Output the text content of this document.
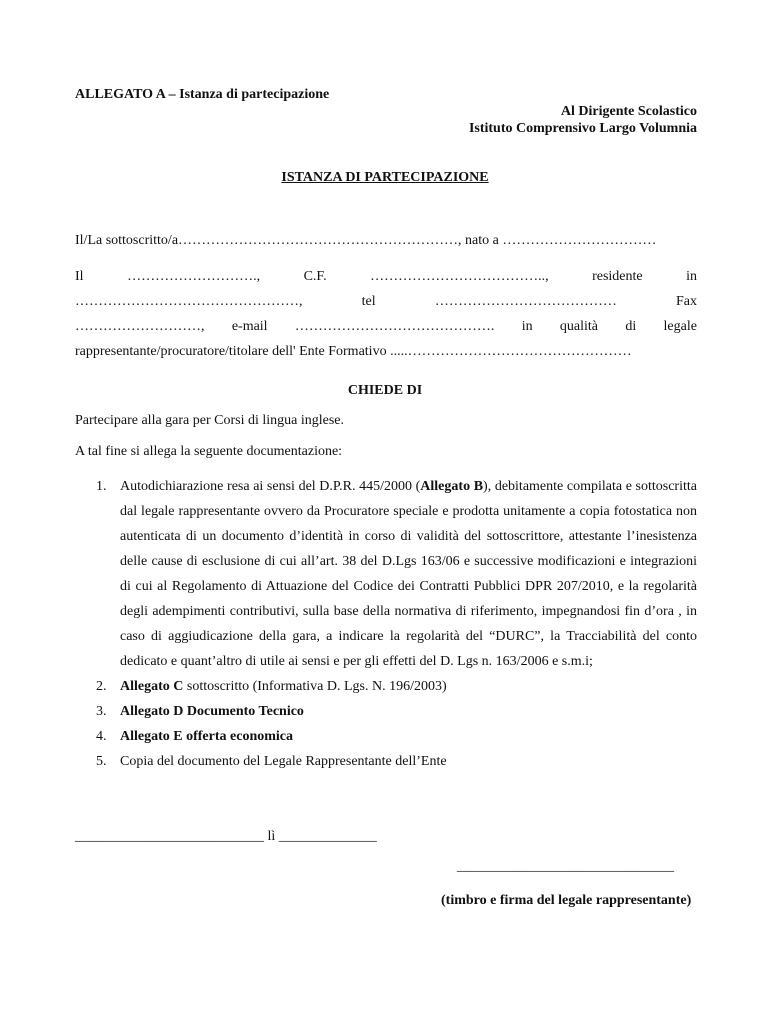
ALLEGATO A – Istanza di partecipazione
Al Dirigente Scolastico
Istituto Comprensivo Largo Volumnia
ISTANZA DI PARTECIPAZIONE
Il/La sottoscritto/a……………………………………………………, nato a ……………………………
Il	……………………….,	C.F.	………………………………..,	residente	in
…………………………………………,	tel	…………………………………	Fax
………………………, e-mail ……………………………………. in qualità di legale
rappresentante/procuratore/titolare dell' Ente Formativo .....…………………………………………
CHIEDE DI
Partecipare alla gara per Corsi di lingua inglese.
A tal fine si allega la seguente documentazione:
1. Autodichiarazione resa ai sensi del D.P.R. 445/2000 (Allegato B), debitamente compilata e sottoscritta dal legale rappresentante ovvero da Procuratore speciale e prodotta unitamente a copia fotostatica non autenticata di un documento d’identità in corso di validità del sottoscrittore, attestante l’inesistenza delle cause di esclusione di cui all’art. 38 del D.Lgs 163/06 e successive modificazioni e integrazioni di cui al Regolamento di Attuazione del Codice dei Contratti Pubblici DPR 207/2010, e la regolarità degli adempimenti contributivi, sulla base della normativa di riferimento, impegnandosi fin d’ora , in caso di aggiudicazione della gara, a indicare la regolarità del “DURC”, la Tracciabilità del conto dedicato e quant’altro di utile ai sensi e per gli effetti del D. Lgs n. 163/2006 e s.m.i;
2. Allegato C sottoscritto (Informativa D. Lgs. N. 196/2003)
3. Allegato D Documento Tecnico
4. Allegato E offerta economica
5. Copia del documento del Legale Rappresentante dell’Ente
___________________________ lì ______________
_______________________________
(timbro e firma del legale rappresentante)
